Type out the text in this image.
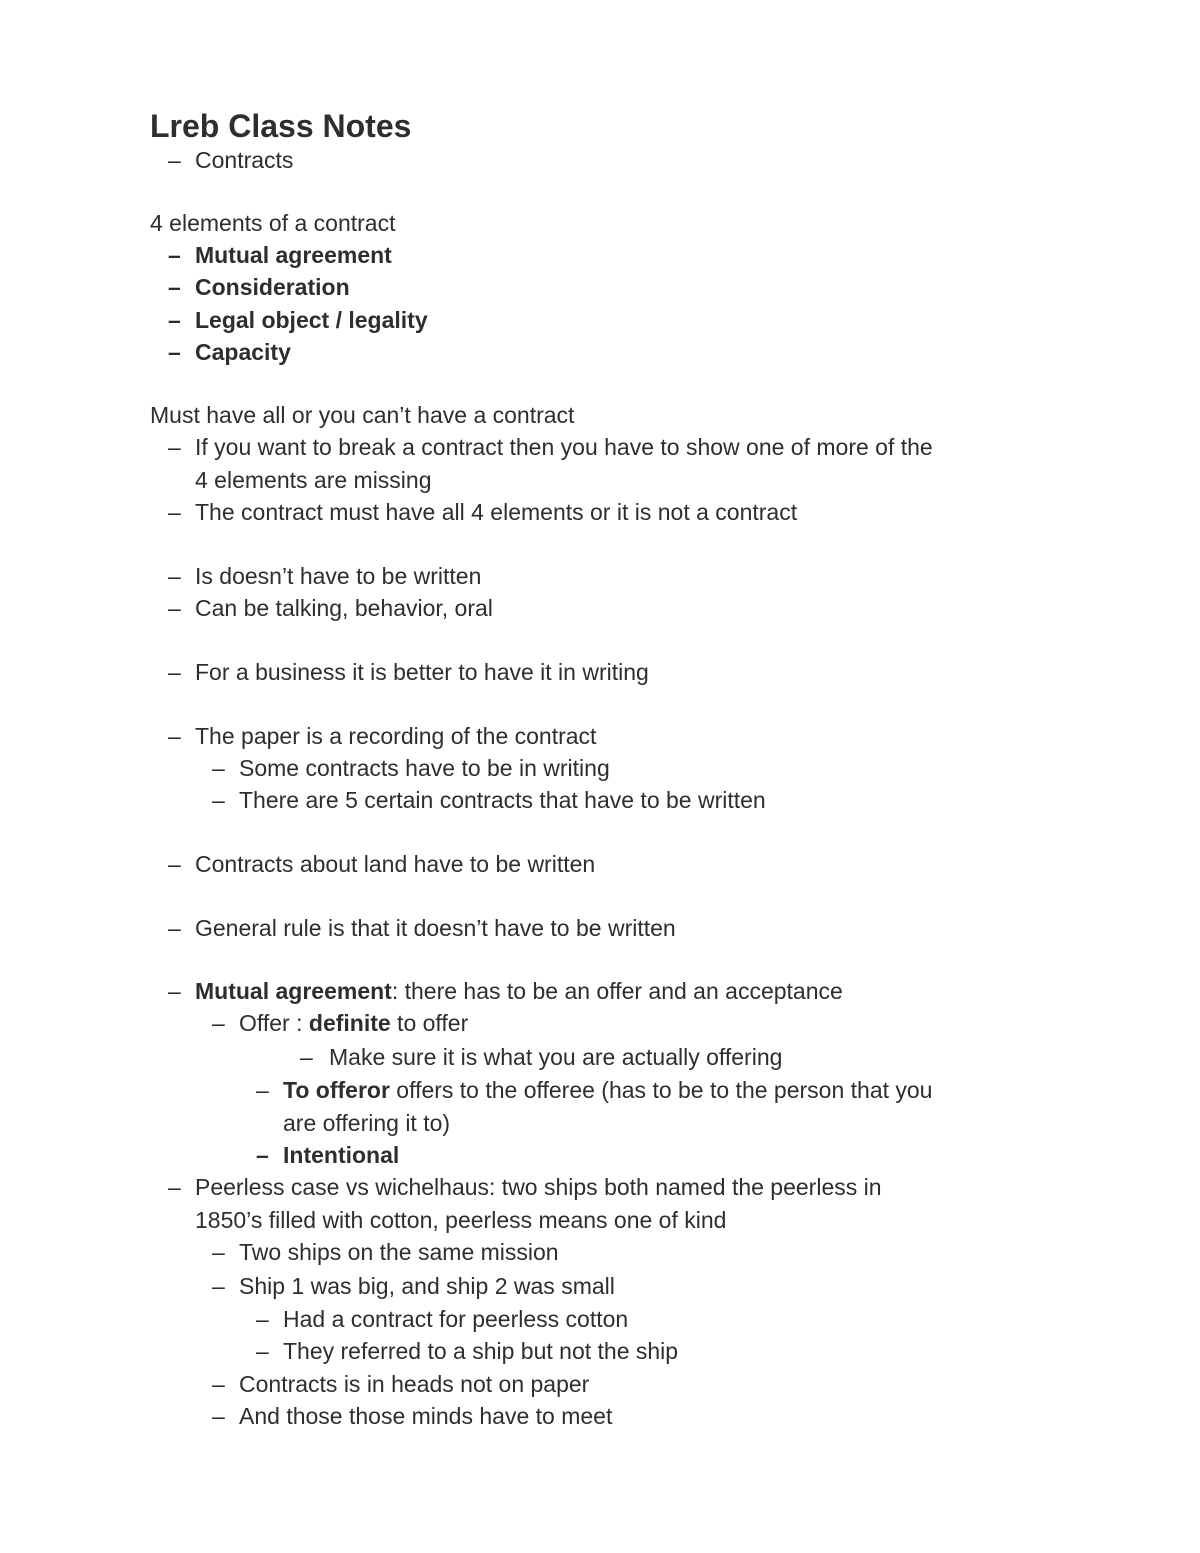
Lreb Class Notes
– Contracts
4 elements of a contract
– Mutual agreement
– Consideration
– Legal object / legality
– Capacity
Must have all or you can’t have a contract
– If you want to break a contract then you have to show one of more of the
4 elements are missing
– The contract must have all 4 elements or it is not a contract
– Is doesn’t have to be written
– Can be talking, behavior, oral
– For a business it is better to have it in writing
– The paper is a recording of the contract
– Some contracts have to be in writing
– There are 5 certain contracts that have to be written
– Contracts about land have to be written
– General rule is that it doesn’t have to be written
– Mutual agreement: there has to be an offer and an acceptance
– Offer : definite to offer
– Make sure it is what you are actually offering
– To offeror offers to the offeree (has to be to the person that you
are offering it to)
– Intentional
– Peerless case vs wichelhaus: two ships both named the peerless in
1850’s filled with cotton, peerless means one of kind
– Two ships on the same mission
– Ship 1 was big, and ship 2 was small
– Had a contract for peerless cotton
– They referred to a ship but not the ship
– Contracts is in heads not on paper
– And those those minds have to meet
